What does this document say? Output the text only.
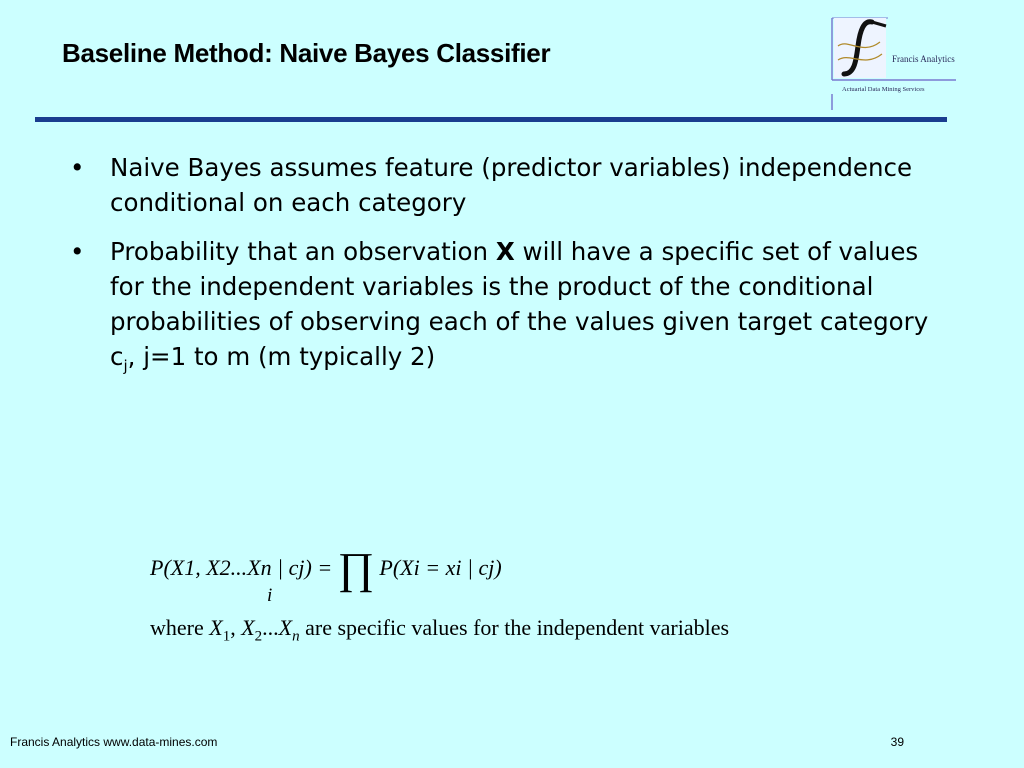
Baseline Method: Naive Bayes Classifier	Francis Analytics
Actuarial Data Mining Services
•	Naive Bayes assumes feature (predictor variables) independence conditional on each category
•	Probability that an observation X will have a specific set of values for the independent variables is the product of the conditional probabilities of observing each of the values given target category $c_j$, j=1 to m (m typically 2)
P(X1, X2...Xn | cj) = ∏ P(Xi = xi | cj)
i
where $X_1$, $X_2...X_n$ are specific values for the independent variables
Francis Analytics www.data-mines.com	39
